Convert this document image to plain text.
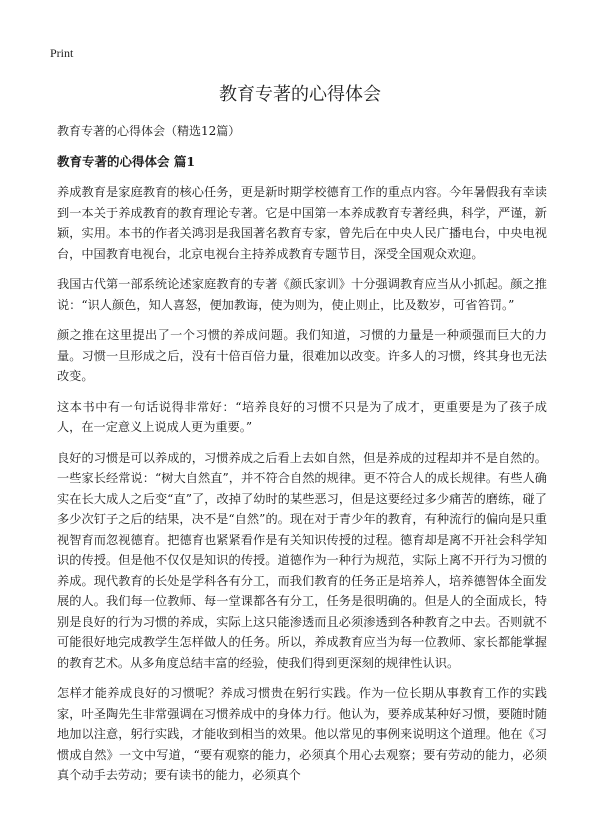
Print
教育专著的心得体会
教育专著的心得体会（精选12篇）
教育专著的心得体会 篇1

养成教育是家庭教育的核心任务，更是新时期学校德育工作的重点内容。今年暑假我有幸读到一本关于养成教育的教育理论专著。它是中国第一本养成教育专著经典，科学，严谨，新颖，实用。本书的作者关鸿羽是我国著名教育专家，曾先后在中央人民广播电台，中央电视台，中国教育电视台，北京电视台主持养成教育专题节目，深受全国观众欢迎。

我国古代第一部系统论述家庭教育的专著《颜氏家训》十分强调教育应当从小抓起。颜之推说：“识人颜色，知人喜怒，便加教诲，使为则为，使止则止，比及数岁，可省笞罚。”

颜之推在这里提出了一个习惯的养成问题。我们知道，习惯的力量是一种顽强而巨大的力量。习惯一旦形成之后，没有十倍百倍力量，很难加以改变。许多人的习惯，终其身也无法改变。

这本书中有一句话说得非常好：“培养良好的习惯不只是为了成才，更重要是为了孩子成人，在一定意义上说成人更为重要。”

良好的习惯是可以养成的，习惯养成之后看上去如自然，但是养成的过程却并不是自然的。一些家长经常说：“树大自然直”，并不符合自然的规律。更不符合人的成长规律。有些人确实在长大成人之后变“直”了，改掉了幼时的某些恶习，但是这要经过多少痛苦的磨练，碰了多少次钉子之后的结果，决不是“自然”的。现在对于青少年的教育，有种流行的偏向是只重视智育而忽视德育。把德育也紧紧看作是有关知识传授的过程。德育却是离不开社会科学知识的传授。但是他不仅仅是知识的传授。道德作为一种行为规范，实际上离不开行为习惯的养成。现代教育的长处是学科各有分工，而我们教育的任务正是培养人，培养德智体全面发展的人。我们每一位教师、每一堂课都各有分工，任务是很明确的。但是人的全面成长，特别是良好的行为习惯的养成，实际上这只能渗透而且必须渗透到各种教育之中去。否则就不可能很好地完成教学生怎样做人的任务。所以，养成教育应当为每一位教师、家长都能掌握的教育艺术。从多角度总结丰富的经验，使我们得到更深刻的规律性认识。

怎样才能养成良好的习惯呢？养成习惯贵在躬行实践。作为一位长期从事教育工作的实践家，叶圣陶先生非常强调在习惯养成中的身体力行。他认为，要养成某种好习惯，要随时随地加以注意，躬行实践，才能收到相当的效果。他以常见的事例来说明这个道理。他在《习惯成自然》一文中写道，“要有观察的能力，必须真个用心去观察；要有劳动的能力，必须真个动手去劳动；要有读书的能力，必须真个
